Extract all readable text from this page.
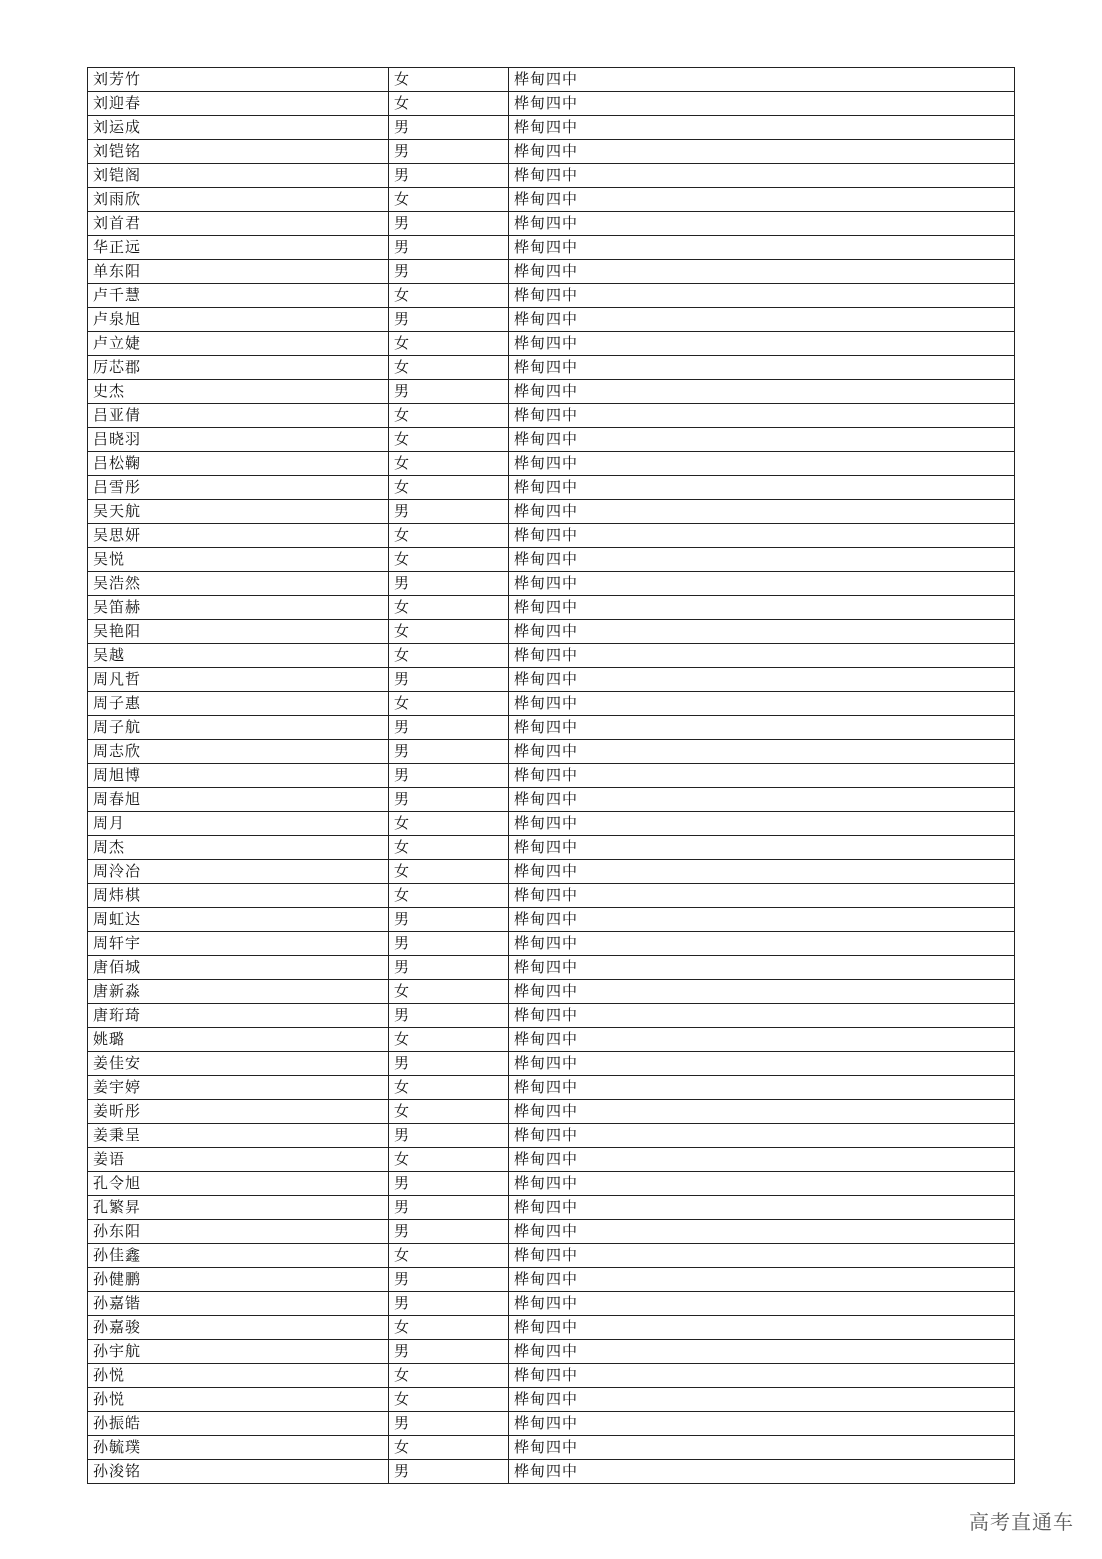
刘芳竹	女	桦甸四中
刘迎春	女	桦甸四中
刘运成	男	桦甸四中
刘铠铭	男	桦甸四中
刘铠阁	男	桦甸四中
刘雨欣	女	桦甸四中
刘首君	男	桦甸四中
华正远	男	桦甸四中
单东阳	男	桦甸四中
卢千慧	女	桦甸四中
卢泉旭	男	桦甸四中
卢立婕	女	桦甸四中
厉芯郡	女	桦甸四中
史杰	男	桦甸四中
吕亚倩	女	桦甸四中
吕晓羽	女	桦甸四中
吕松鞠	女	桦甸四中
吕雪彤	女	桦甸四中
吴天航	男	桦甸四中
吴思妍	女	桦甸四中
吴悦	女	桦甸四中
吴浩然	男	桦甸四中
吴笛赫	女	桦甸四中
吴艳阳	女	桦甸四中
吴越	女	桦甸四中
周凡哲	男	桦甸四中
周子惠	女	桦甸四中
周子航	男	桦甸四中
周志欣	男	桦甸四中
周旭博	男	桦甸四中
周春旭	男	桦甸四中
周月	女	桦甸四中
周杰	女	桦甸四中
周泠冶	女	桦甸四中
周炜棋	女	桦甸四中
周虹达	男	桦甸四中
周轩宇	男	桦甸四中
唐佰城	男	桦甸四中
唐新淼	女	桦甸四中
唐珩琦	男	桦甸四中
姚璐	女	桦甸四中
姜佳安	男	桦甸四中
姜宇婷	女	桦甸四中
姜昕彤	女	桦甸四中
姜秉呈	男	桦甸四中
姜语	女	桦甸四中
孔令旭	男	桦甸四中
孔繁昇	男	桦甸四中
孙东阳	男	桦甸四中
孙佳鑫	女	桦甸四中
孙健鹏	男	桦甸四中
孙嘉锴	男	桦甸四中
孙嘉骏	女	桦甸四中
孙宇航	男	桦甸四中
孙悦	女	桦甸四中
孙悦	女	桦甸四中
孙振皓	男	桦甸四中
孙毓璞	女	桦甸四中
孙浚铭	男	桦甸四中
高考直通车
